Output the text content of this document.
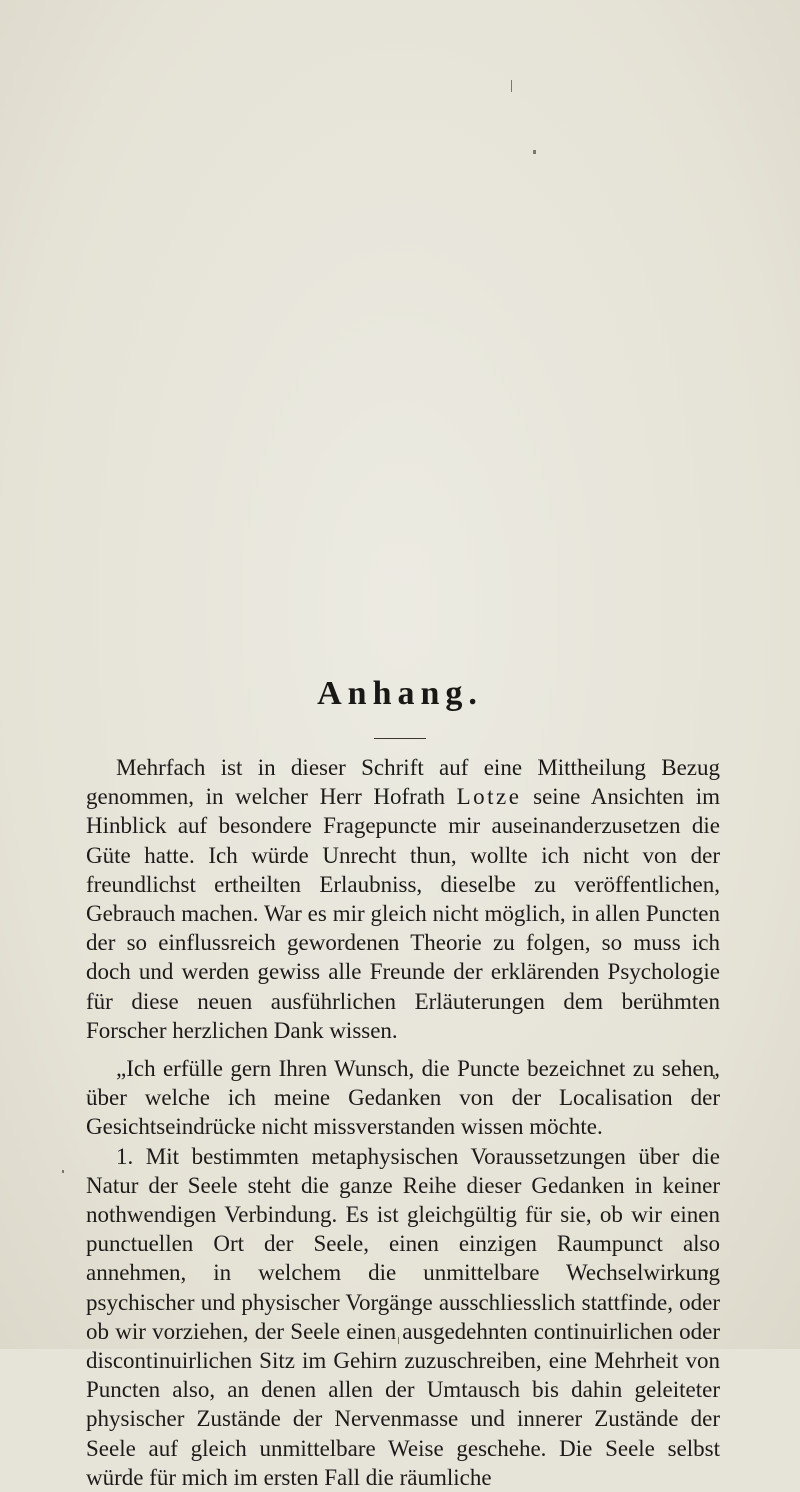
Anhang.

Mehrfach ist in dieser Schrift auf eine Mittheilung Bezug genommen, in welcher Herr Hofrath Lotze seine Ansichten im Hinblick auf besondere Fragepuncte mir auseinanderzusetzen die Güte hatte. Ich würde Unrecht thun, wollte ich nicht von der freundlichst ertheilten Erlaubniss, dieselbe zu veröffentlichen, Gebrauch machen. War es mir gleich nicht möglich, in allen Puncten der so einflussreich gewordenen Theorie zu folgen, so muss ich doch und werden gewiss alle Freunde der erklärenden Psychologie für diese neuen ausführlichen Erläuterungen dem berühmten Forscher herzlichen Dank wissen.

„Ich erfülle gern Ihren Wunsch, die Puncte bezeichnet zu sehen, über welche ich meine Gedanken von der Localisation der Gesichtseindrücke nicht missverstanden wissen möchte.

1. Mit bestimmten metaphysischen Voraussetzungen über die Natur der Seele steht die ganze Reihe dieser Gedanken in keiner nothwendigen Verbindung. Es ist gleichgültig für sie, ob wir einen punctuellen Ort der Seele, einen einzigen Raumpunct also annehmen, in welchem die unmittelbare Wechselwirkung psychischer und physischer Vorgänge ausschliesslich stattfinde, oder ob wir vorziehen, der Seele einen ausgedehnten continuirlichen oder discontinuirlichen Sitz im Gehirn zuzuschreiben, eine Mehrheit von Puncten also, an denen allen der Umtausch bis dahin geleiteter physischer Zustände der Nervenmasse und innerer Zustände der Seele auf gleich unmittelbare Weise geschehe. Die Seele selbst würde für mich im ersten Fall die räumliche
